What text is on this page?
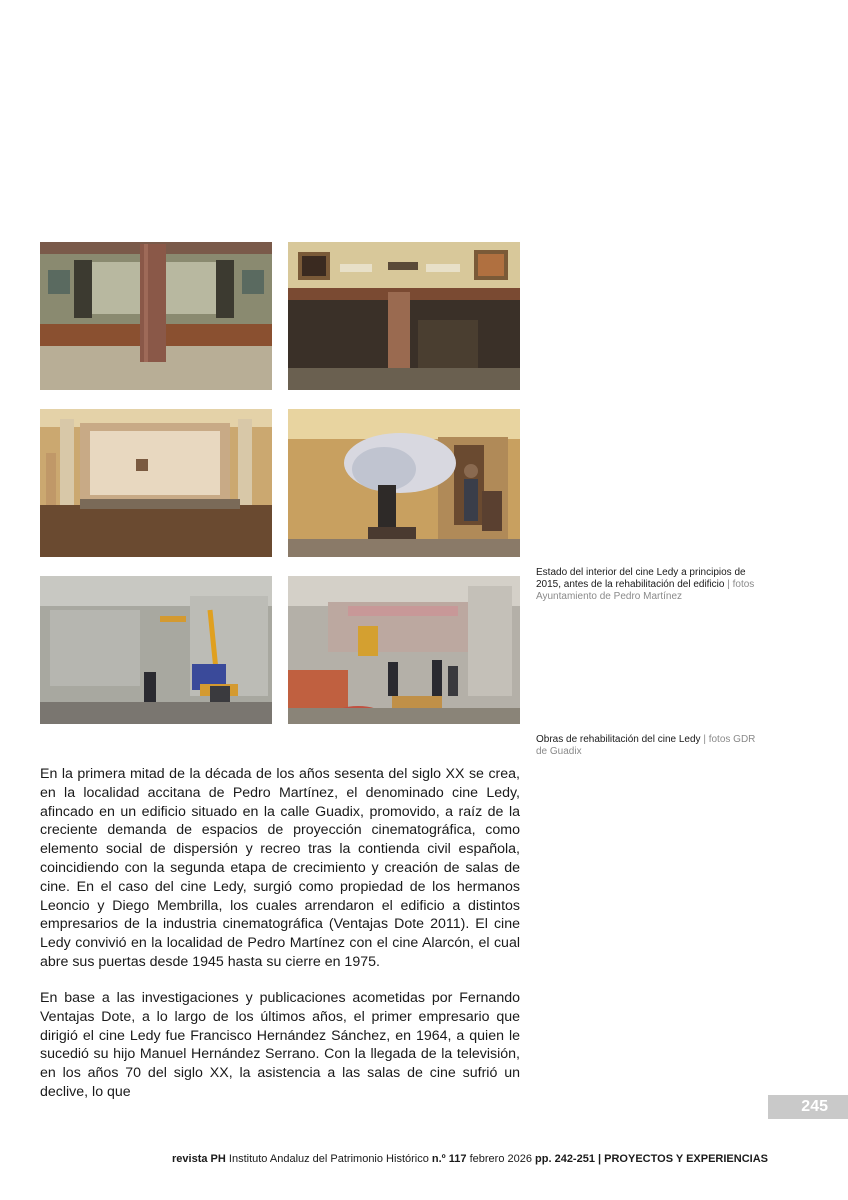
Estado del interior del cine Ledy a principios de 2015, antes de la rehabilitación del edificio | fotos Ayuntamiento de Pedro Martínez
Obras de rehabilitación del cine Ledy | fotos GDR de Guadix

En la primera mitad de la década de los años sesenta del siglo XX se crea, en la localidad accitana de Pedro Martínez, el denominado cine Ledy, afincado en un edificio situado en la calle Guadix, promovido, a raíz de la creciente demanda de espacios de proyección cinematográfica, como elemento social de dispersión y recreo tras la contienda civil española, coincidiendo con la segunda etapa de crecimiento y creación de salas de cine. En el caso del cine Ledy, surgió como propiedad de los hermanos Leoncio y Diego Membrilla, los cuales arrendaron el edificio a distintos empresarios de la industria cinematográfica (Ventajas Dote 2011). El cine Ledy convivió en la localidad de Pedro Martínez con el cine Alarcón, el cual abre sus puertas desde 1945 hasta su cierre en 1975.

En base a las investigaciones y publicaciones acometidas por Fernando Ventajas Dote, a lo largo de los últimos años, el primer empresario que dirigió el cine Ledy fue Francisco Hernández Sánchez, en 1964, a quien le sucedió su hijo Manuel Hernández Serrano. Con la llegada de la televisión, en los años 70 del siglo XX, la asistencia a las salas de cine sufrió un declive, lo que

245
revista PH Instituto Andaluz del Patrimonio Histórico n.º 117 febrero 2026 pp. 242-251 | PROYECTOS Y EXPERIENCIAS
